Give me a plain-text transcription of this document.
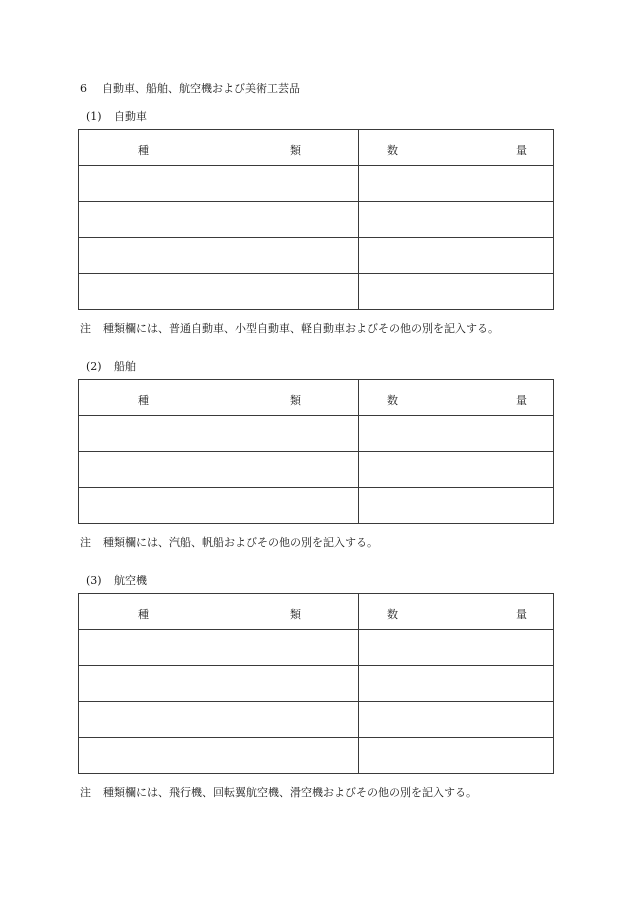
6 自動車、船舶、航空機および美術工芸品
(1) 自動車
種 類	数 量

注 種類欄には、普通自動車、小型自動車、軽自動車およびその他の別を記入する。
(2) 船舶
種 類	数 量

注 種類欄には、汽船、帆船およびその他の別を記入する。
(3) 航空機
種 類	数 量

注 種類欄には、飛行機、回転翼航空機、滑空機およびその他の別を記入する。
